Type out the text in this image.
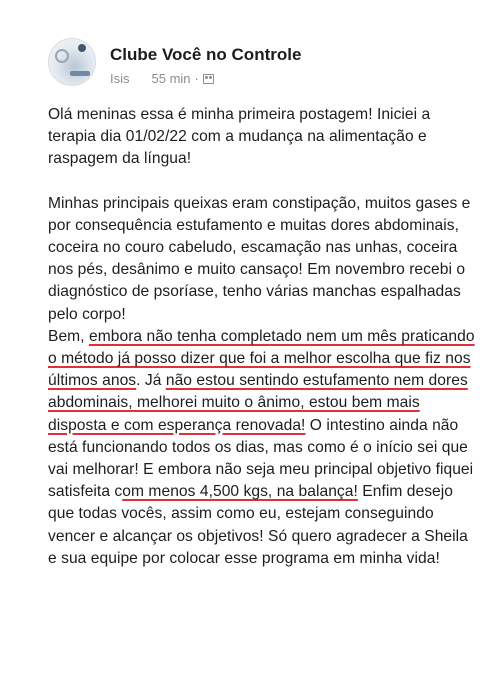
Clube Você no Controle
Isis 55 min ·

Olá meninas essa é minha primeira postagem! Iniciei a terapia dia 01/02/22 com a mudança na alimentação e raspagem da língua!

Minhas principais queixas eram constipação, muitos gases e por consequência estufamento e muitas dores abdominais, coceira no couro cabeludo, escamação nas unhas, coceira nos pés, desânimo e muito cansaço! Em novembro recebi o diagnóstico de psoríase, tenho várias manchas espalhadas pelo corpo!

Bem, embora não tenha completado nem um mês praticando o método já posso dizer que foi a melhor escolha que fiz nos últimos anos. Já não estou sentindo estufamento nem dores abdominais, melhorei muito o ânimo, estou bem mais disposta e com esperança renovada! O intestino ainda não está funcionando todos os dias, mas como é o início sei que vai melhorar! E embora não seja meu principal objetivo fiquei satisfeita com menos 4,500 kgs, na balança! Enfim desejo que todas vocês, assim como eu, estejam conseguindo vencer e alcançar os objetivos! Só quero agradecer a Sheila e sua equipe por colocar esse programa em minha vida!
